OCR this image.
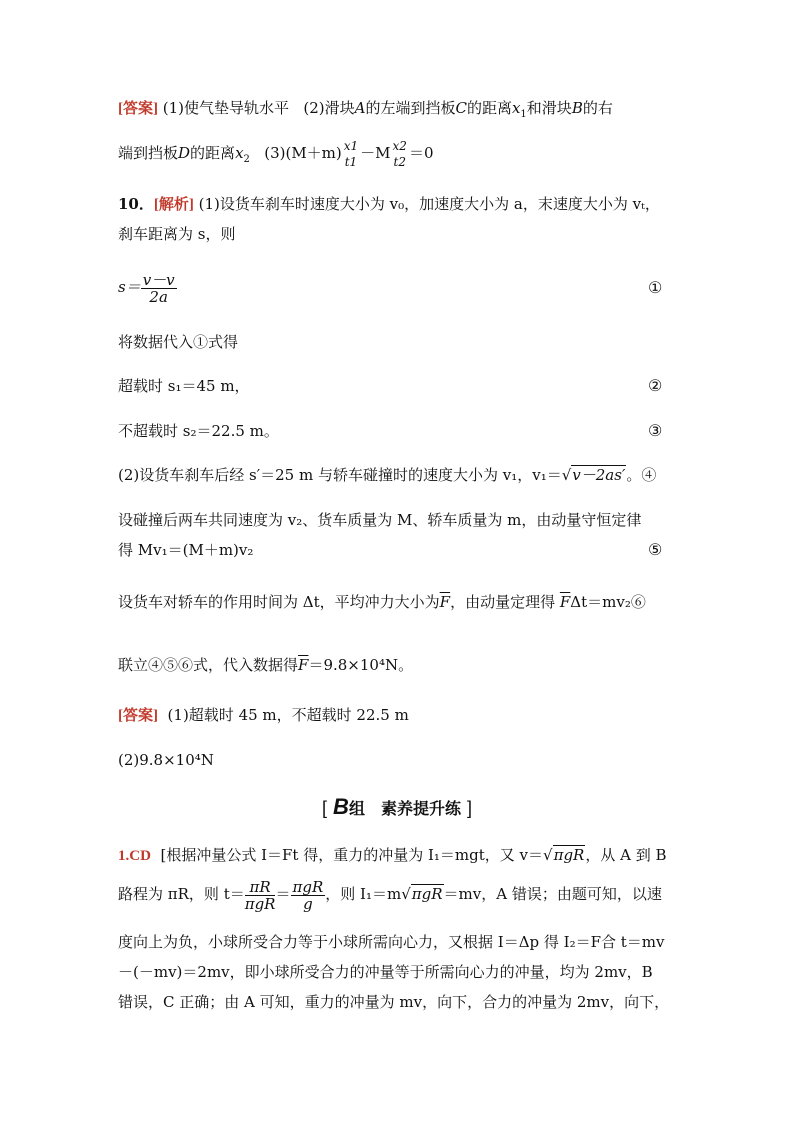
[答案] (1)使气垫导轨水平 (2)滑块A的左端到挡板C的距离$x_1$和滑块B的右
端到挡板D的距离$x_2$ (3)(M＋m) x1
t1 －M x2
t2 ＝0
10．[解析] (1)设货车刹车时速度大小为 v₀，加速度大小为 a，末速度大小为 vₜ，
刹车距离为 s，则
$s= \frac{v-v}{2a}$	①
将数据代入①式得
超载时 s₁＝45 m，	②
不超载时 s₂＝22.5 m。	③
(2)设货车刹车后经 s′＝25 m 与轿车碰撞时的速度大小为 v₁，v₁＝√v－2as′。④
设碰撞后两车共同速度为 v₂、货车质量为 M、轿车质量为 m，由动量守恒定律
得 Mv₁＝(M＋m)v₂	⑤
设货车对轿车的作用时间为 Δt，平均冲力大小为$\overline{F}$，由动量定理得 $\overline{F}\Delta t=mv_2⑥$
联立④⑤⑥式，代入数据得$\overline{F}=9.8\times 10^4N$。
[答案] (1)超载时 45 m，不超载时 22.5 m
(2)9.8×10⁴N
[ B组　素养提升练 ]
1.CD [根据冲量公式 I＝Ft 得，重力的冲量为 I₁＝mgt，又 v＝√πgR，从 A 到 B
路程为 πR，则 $t= \frac{\pi R}{\text{πgR}} = \frac{\text{πgR}}{g}$ ，则 I₁＝m√πgR＝mv，A 错误；由题可知，以速
度向上为负，小球所受合力等于小球所需向心力，又根据 I＝Δp 得 I₂＝F合 t＝mv
－(－mv)＝2mv，即小球所受合力的冲量等于所需向心力的冲量，均为 2mv，B
错误，C 正确；由 A 可知，重力的冲量为 mv，向下，合力的冲量为 2mv，向下，
